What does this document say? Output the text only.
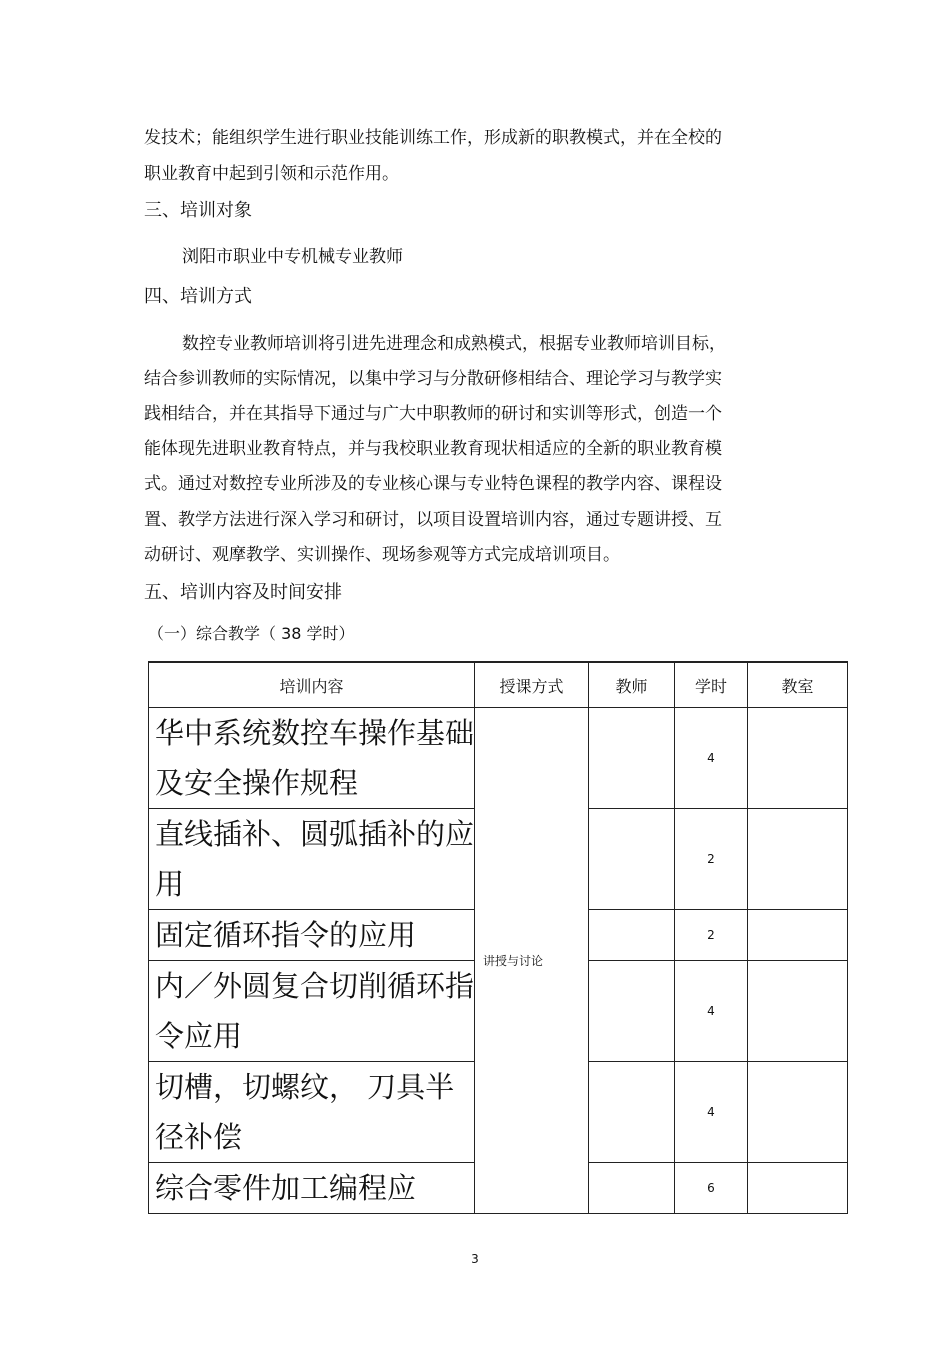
发技术；能组织学生进行职业技能训练工作，形成新的职教模式，并在全校的
职业教育中起到引领和示范作用。
三、培训对象
浏阳市职业中专机械专业教师
四、培训方式
数控专业教师培训将引进先进理念和成熟模式，根据专业教师培训目标，
结合参训教师的实际情况，以集中学习与分散研修相结合、理论学习与教学实
践相结合，并在其指导下通过与广大中职教师的研讨和实训等形式，创造一个
能体现先进职业教育特点，并与我校职业教育现状相适应的全新的职业教育模
式。通过对数控专业所涉及的专业核心课与专业特色课程的教学内容、课程设
置、教学方法进行深入学习和研讨，以项目设置培训内容，通过专题讲授、互
动研讨、观摩教学、实训操作、现场参观等方式完成培训项目。
五、培训内容及时间安排
（一）综合教学（ 38 学时）
培训内容	授课方式	教师	学时	教室

华中系统数控车操作基础及安全操作规程	讲授与讨论		4	

直线插补、圆弧插补的应用			2	

固定循环指令的应用			2	

内／外圆复合切削循环指令应用			4	

切槽，切螺纹， 刀具半径补偿			4	

综合零件加工编程应			6	
3
